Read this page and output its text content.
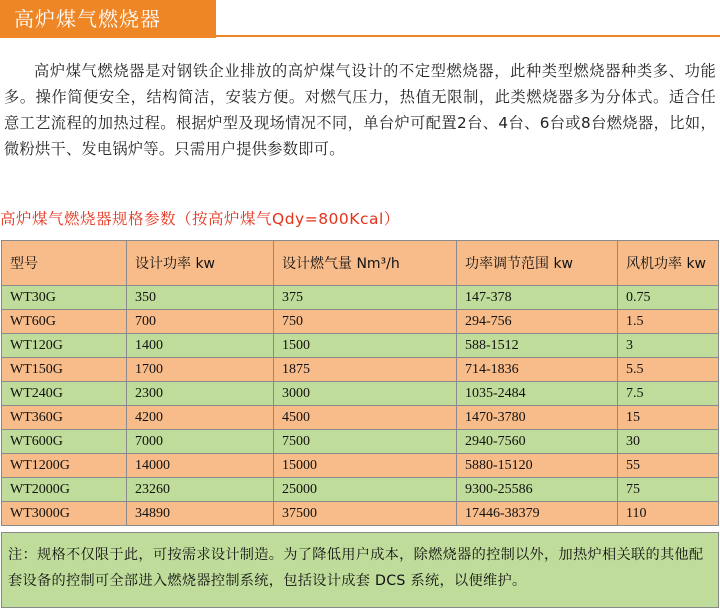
高炉煤气燃烧器

高炉煤气燃烧器是对钢铁企业排放的高炉煤气设计的不定型燃烧器，此种类型燃烧器种类多、功能多。操作简便安全，结构简洁，安装方便。对燃气压力，热值无限制，此类燃烧器多为分体式。适合任意工艺流程的加热过程。根据炉型及现场情况不同，单台炉可配置2台、4台、6台或8台燃烧器，比如，微粉烘干、发电锅炉等。只需用户提供参数即可。

高炉煤气燃烧器规格参数（按高炉煤气Qdy=800Kcal）
型号	设计功率 kw	设计燃气量 Nm³/h	功率调节范围 kw	风机功率 kw
WT30G	350	375	147-378	0.75
WT60G	700	750	294-756	1.5
WT120G	1400	1500	588-1512	3
WT150G	1700	1875	714-1836	5.5
WT240G	2300	3000	1035-2484	7.5
WT360G	4200	4500	1470-3780	15
WT600G	7000	7500	2940-7560	30
WT1200G	14000	15000	5880-15120	55
WT2000G	23260	25000	9300-25586	75
WT3000G	34890	37500	17446-38379	110
注：规格不仅限于此，可按需求设计制造。为了降低用户成本，除燃烧器的控制以外，加热炉相关联的其他配套设备的控制可全部进入燃烧器控制系统，包括设计成套 DCS 系统，以便维护。
